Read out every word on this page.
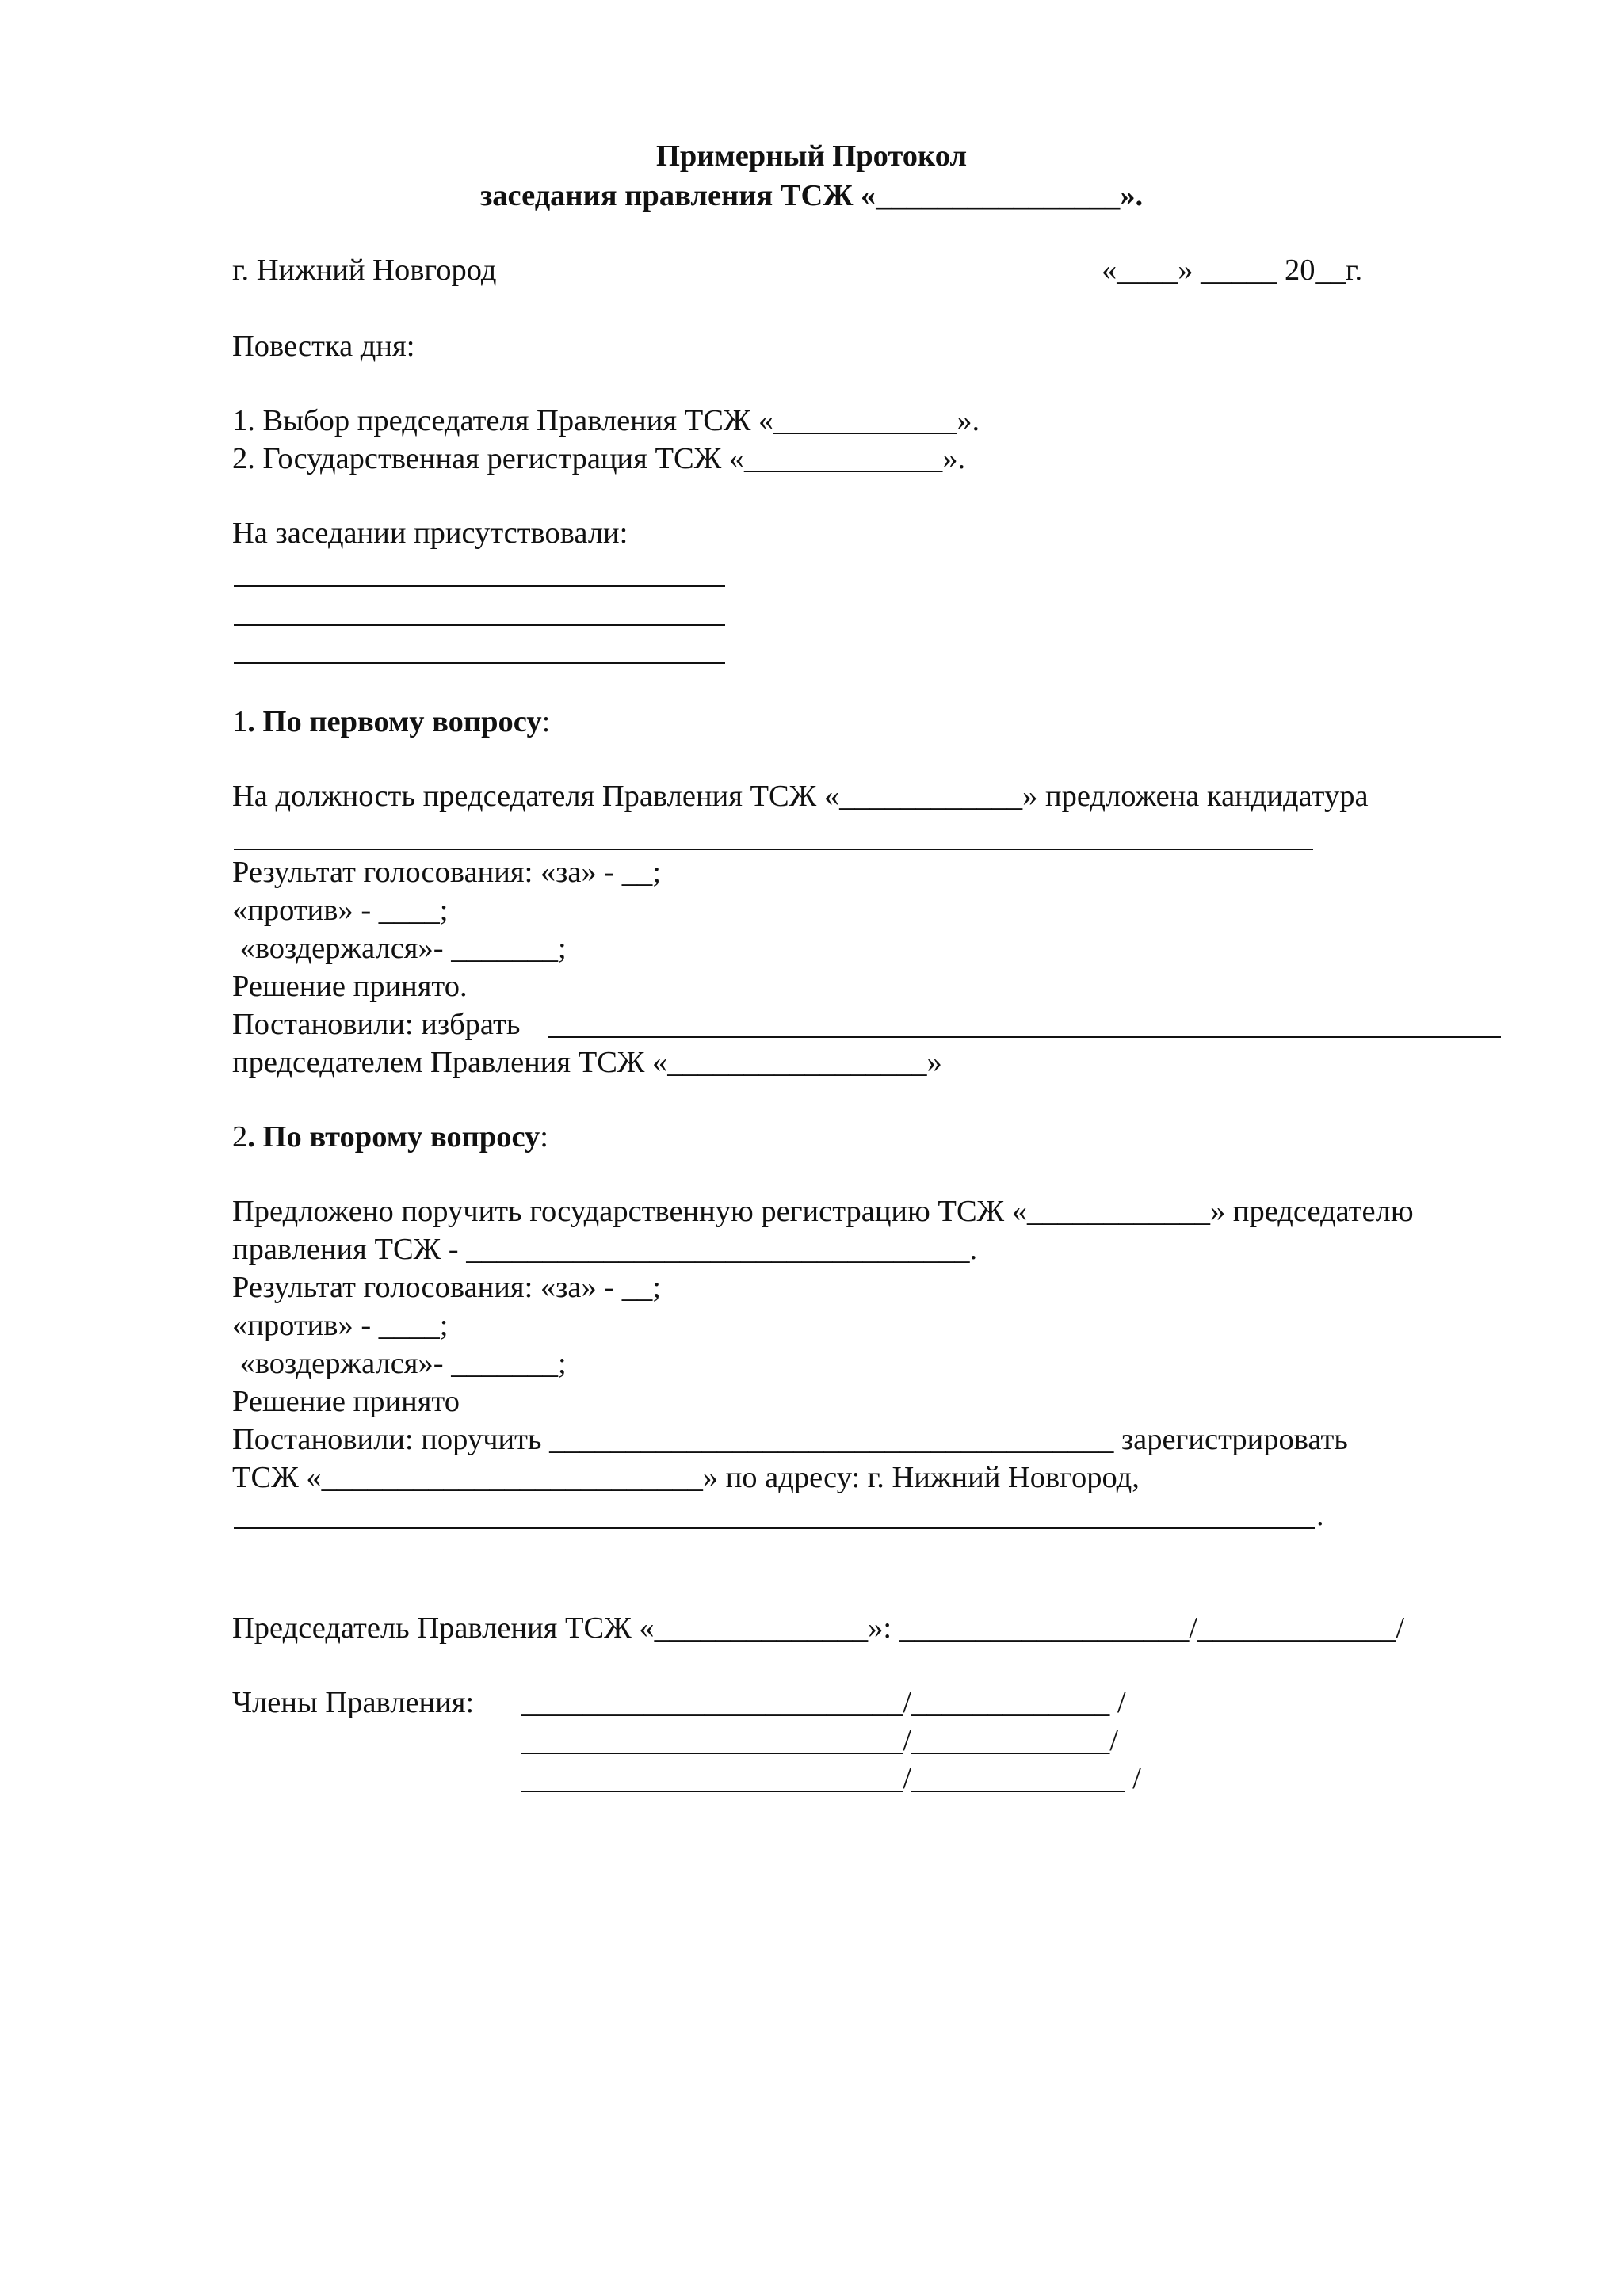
Примерный Протокол
заседания правления ТСЖ «________________».
г. Нижний Новгород	«____» _____ 20__г.
Повестка дня:
1. Выбор председателя Правления ТСЖ «____________».
2. Государственная регистрация ТСЖ «_____________».
На заседании присутствовали:
1. По первому вопросу:
На должность председателя Правления ТСЖ «____________» предложена кандидатура
Результат голосования: «за» - __;
«против» - ____;
«воздержался»- _______;
Решение принято.
Постановили: избрать
председателем Правления ТСЖ «_________________»
2. По второму вопросу:
Предложено поручить государственную регистрацию ТСЖ «____________» председателю
правления ТСЖ - _________________________________.
Результат голосования: «за» - __;
«против» - ____;
«воздержался»- _______;
Решение принято
Постановили: поручить _____________________________________ зарегистрировать
ТСЖ «_________________________» по адресу: г. Нижний Новгород,
.
Председатель Правления ТСЖ «______________»: ___________________/_____________/
Члены Правления: _________________________/_____________ /
_________________________/_____________/
_________________________/______________ /
